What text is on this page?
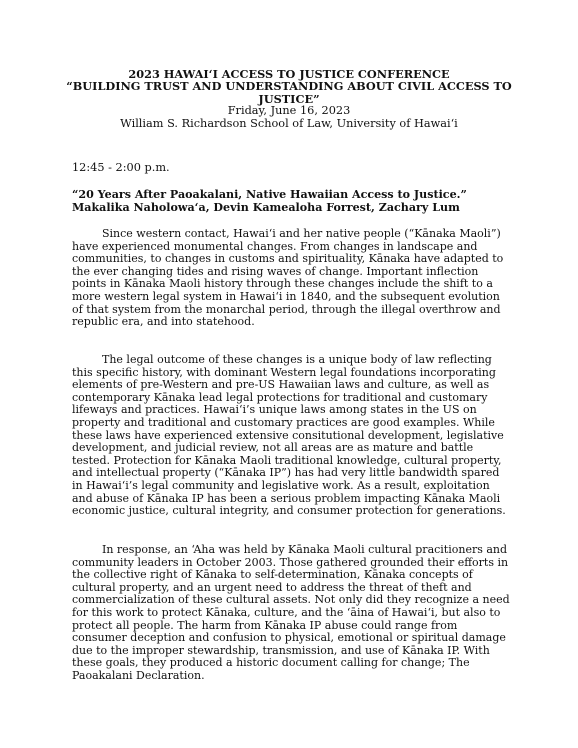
2023 HAWAIʻI ACCESS TO JUSTICE CONFERENCE
“BUILDING TRUST AND UNDERSTANDING ABOUT CIVIL ACCESS TO JUSTICE”
Friday, June 16, 2023
William S. Richardson School of Law, University of Hawaiʻi
12:45 - 2:00 p.m.
“20 Years After Paoakalani, Native Hawaiian Access to Justice.”
Makalika Naholowaʻa, Devin Kamealoha Forrest, Zachary Lum

Since western contact, Hawaiʻi and her native people (“Kānaka Maoli”) have experienced monumental changes. From changes in landscape and communities, to changes in customs and spirituality, Kānaka have adapted to the ever changing tides and rising waves of change. Important inflection points in Kānaka Maoli history through these changes include the shift to a more western legal system in Hawaiʻi in 1840, and the subsequent evolution of that system from the monarchal period, through the illegal overthrow and republic era, and into statehood.

The legal outcome of these changes is a unique body of law reflecting this specific history, with dominant Western legal foundations incorporating elements of pre-Western and pre-US Hawaiian laws and culture, as well as contemporary Kānaka lead legal protections for traditional and customary lifeways and practices. Hawaiʻi’s unique laws among states in the US on property and traditional and customary practices are good examples. While these laws have experienced extensive consitutional development, legislative development, and judicial review, not all areas are as mature and battle tested. Protection for Kānaka Maoli traditional knowledge, cultural property, and intellectual property (“Kānaka IP”) has had very little bandwidth spared in Hawaiʻi’s legal community and legislative work. As a result, exploitation and abuse of Kānaka IP has been a serious problem impacting Kānaka Maoli economic justice, cultural integrity, and consumer protection for generations.

In response, an ʻAha was held by Kānaka Maoli cultural pracitioners and community leaders in October 2003. Those gathered grounded their efforts in the collective right of Kānaka to self-determination, Kānaka concepts of cultural property, and an urgent need to address the threat of theft and commercialization of these cultural assets. Not only did they recognize a need for this work to protect Kānaka, culture, and the ʻāina of Hawaiʻi, but also to protect all people. The harm from Kānaka IP abuse could range from consumer deception and confusion to physical, emotional or spiritual damage due to the improper stewardship, transmission, and use of Kānaka IP. With these goals, they produced a historic document calling for change; The Paoakalani Declaration.
